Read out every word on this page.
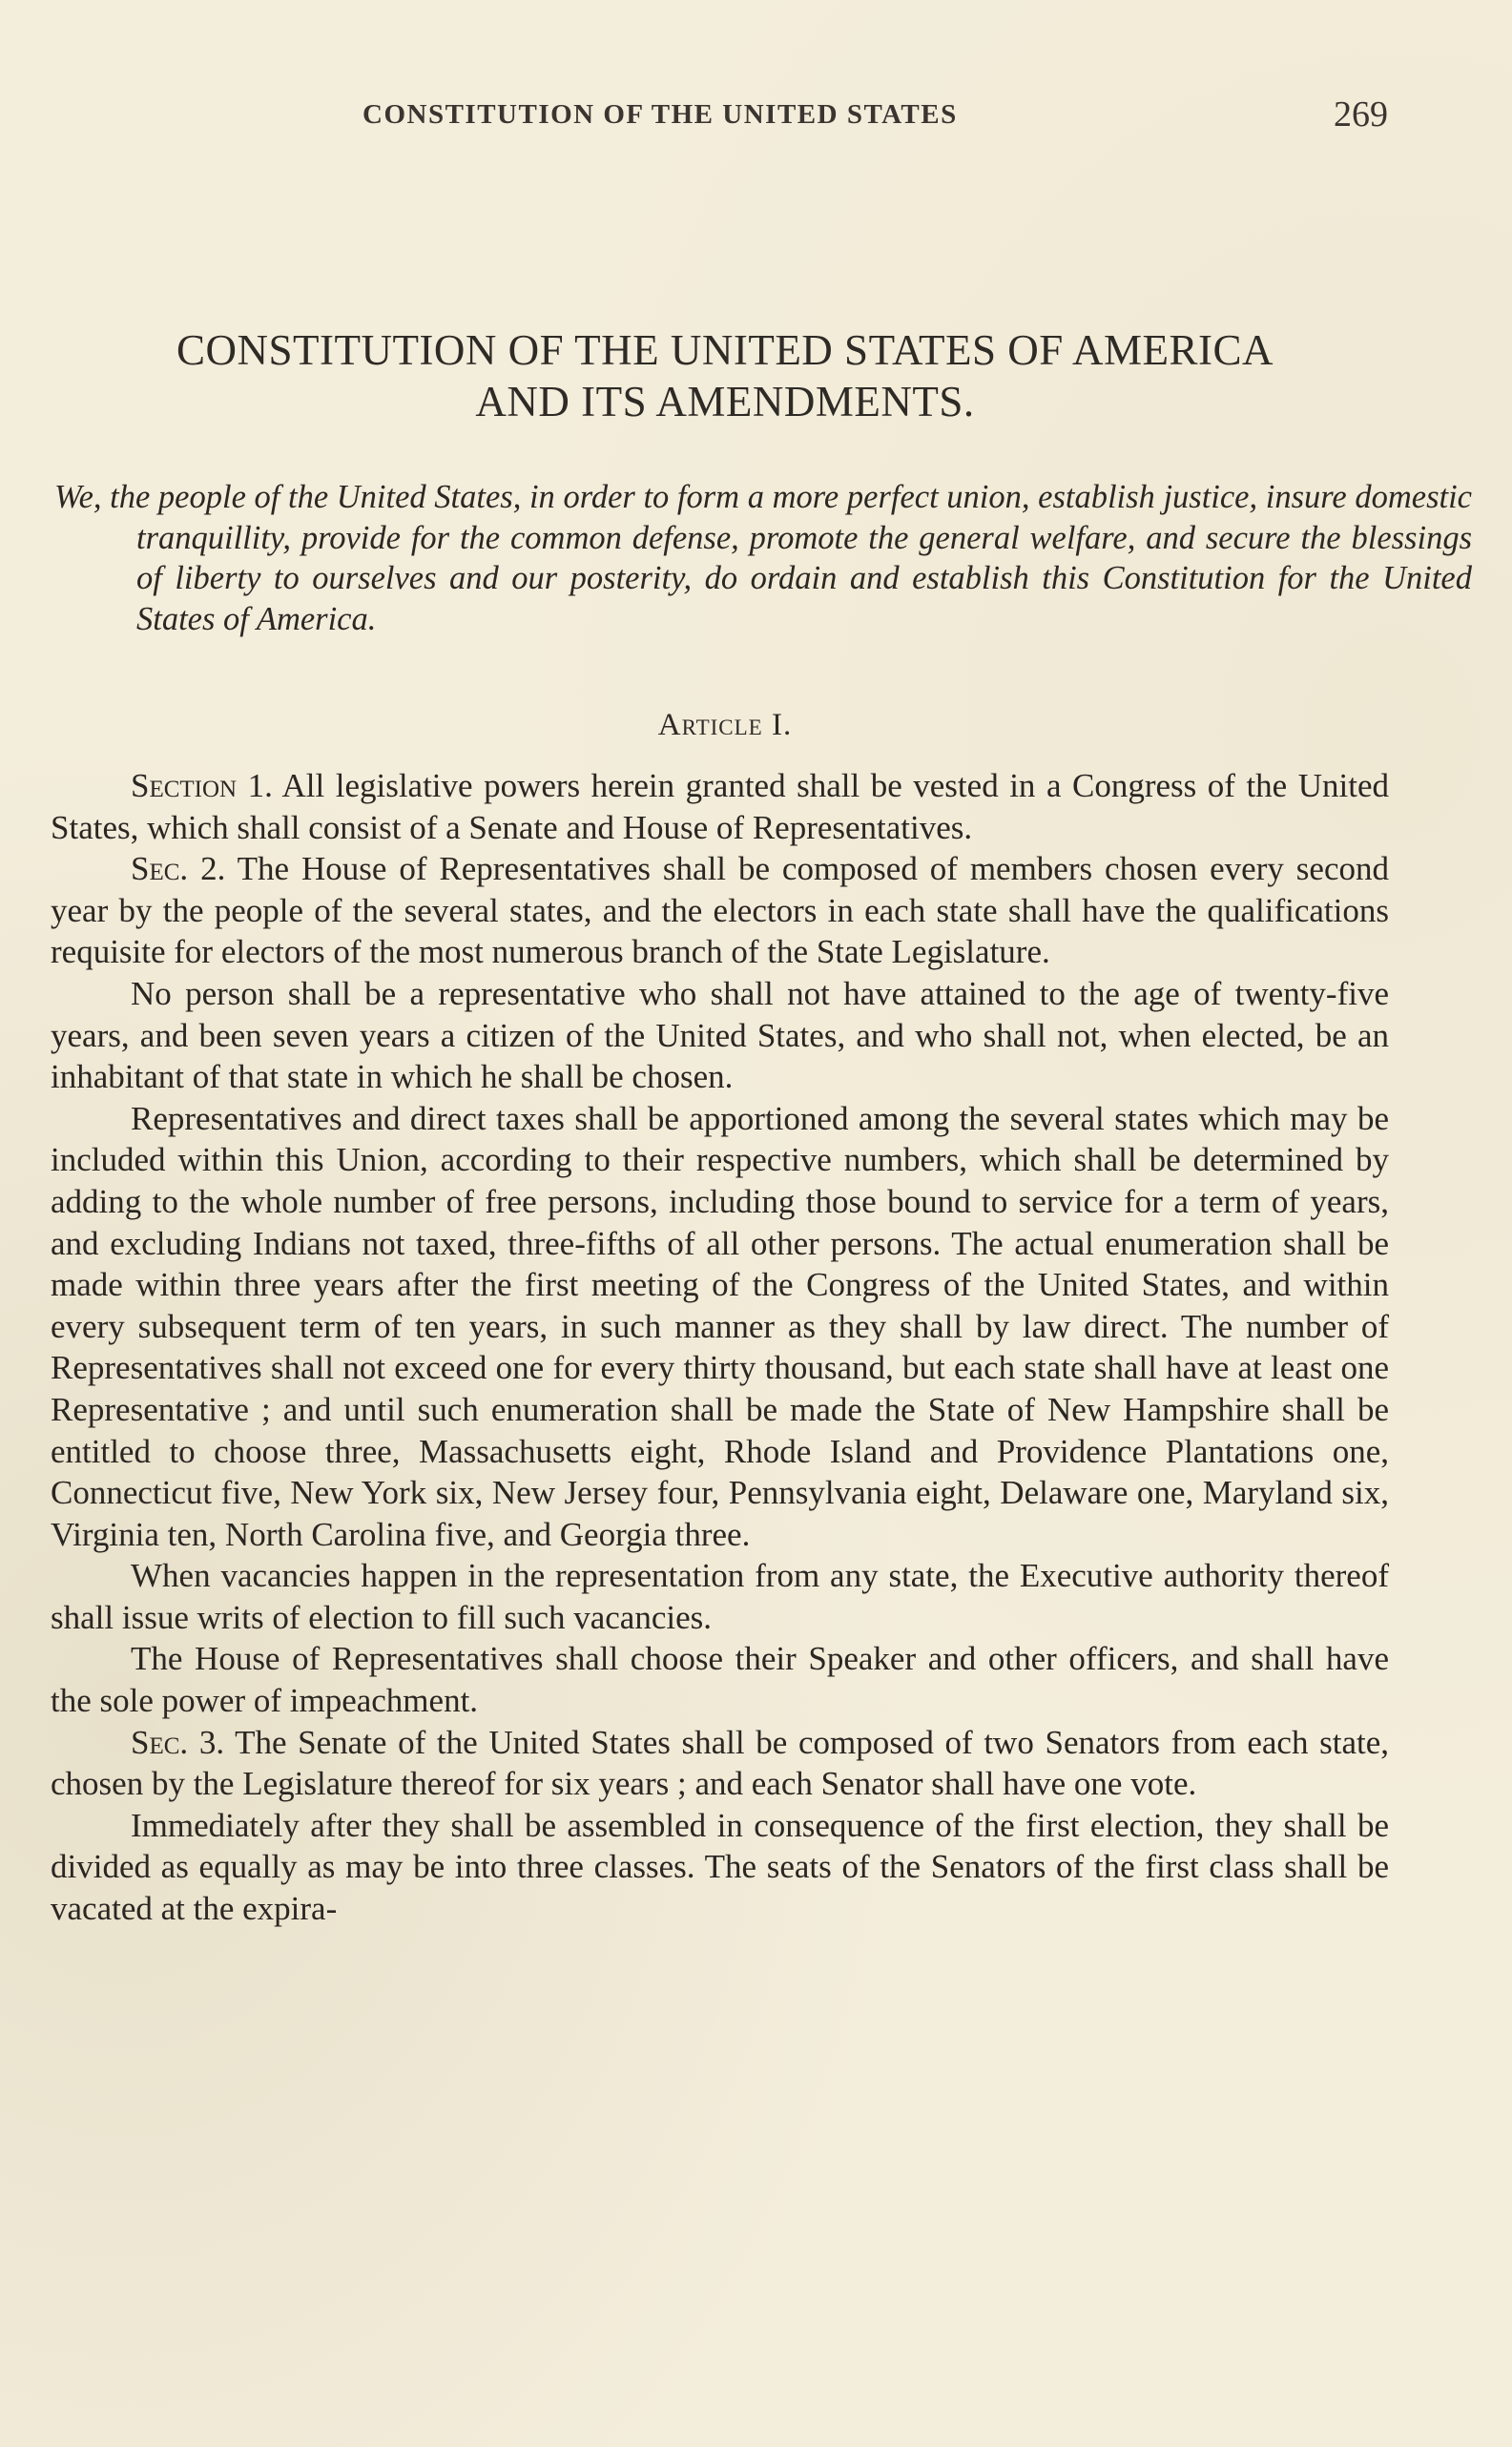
CONSTITUTION OF THE UNITED STATES	269
CONSTITUTION OF THE UNITED STATES OF AMERICA
AND ITS AMENDMENTS.
We, the people of the United States, in order to form a more perfect union, establish justice, insure domestic tranquillity, provide for the common defense, promote the general welfare, and secure the blessings of liberty to ourselves and our posterity, do ordain and establish this Constitution for the United States of America.
Article I.

Section 1. All legislative powers herein granted shall be vested in a Congress of the United States, which shall consist of a Senate and House of Representatives.

Sec. 2. The House of Representatives shall be composed of members chosen every second year by the people of the several states, and the electors in each state shall have the qualifications requisite for electors of the most numerous branch of the State Legislature.

No person shall be a representative who shall not have attained to the age of twenty-five years, and been seven years a citizen of the United States, and who shall not, when elected, be an inhabitant of that state in which he shall be chosen.

Representatives and direct taxes shall be apportioned among the several states which may be included within this Union, according to their respective numbers, which shall be determined by adding to the whole number of free persons, including those bound to service for a term of years, and excluding Indians not taxed, three-fifths of all other persons. The actual enumeration shall be made within three years after the first meeting of the Congress of the United States, and within every subsequent term of ten years, in such manner as they shall by law direct. The number of Representatives shall not exceed one for every thirty thousand, but each state shall have at least one Representative ; and until such enumeration shall be made the State of New Hampshire shall be entitled to choose three, Massachusetts eight, Rhode Island and Providence Plantations one, Connecticut five, New York six, New Jersey four, Pennsylvania eight, Delaware one, Maryland six, Virginia ten, North Carolina five, and Georgia three.

When vacancies happen in the representation from any state, the Executive authority thereof shall issue writs of election to fill such vacancies.

The House of Representatives shall choose their Speaker and other officers, and shall have the sole power of impeachment.

Sec. 3. The Senate of the United States shall be composed of two Senators from each state, chosen by the Legislature thereof for six years ; and each Senator shall have one vote.

Immediately after they shall be assembled in consequence of the first election, they shall be divided as equally as may be into three classes. The seats of the Senators of the first class shall be vacated at the expira-
